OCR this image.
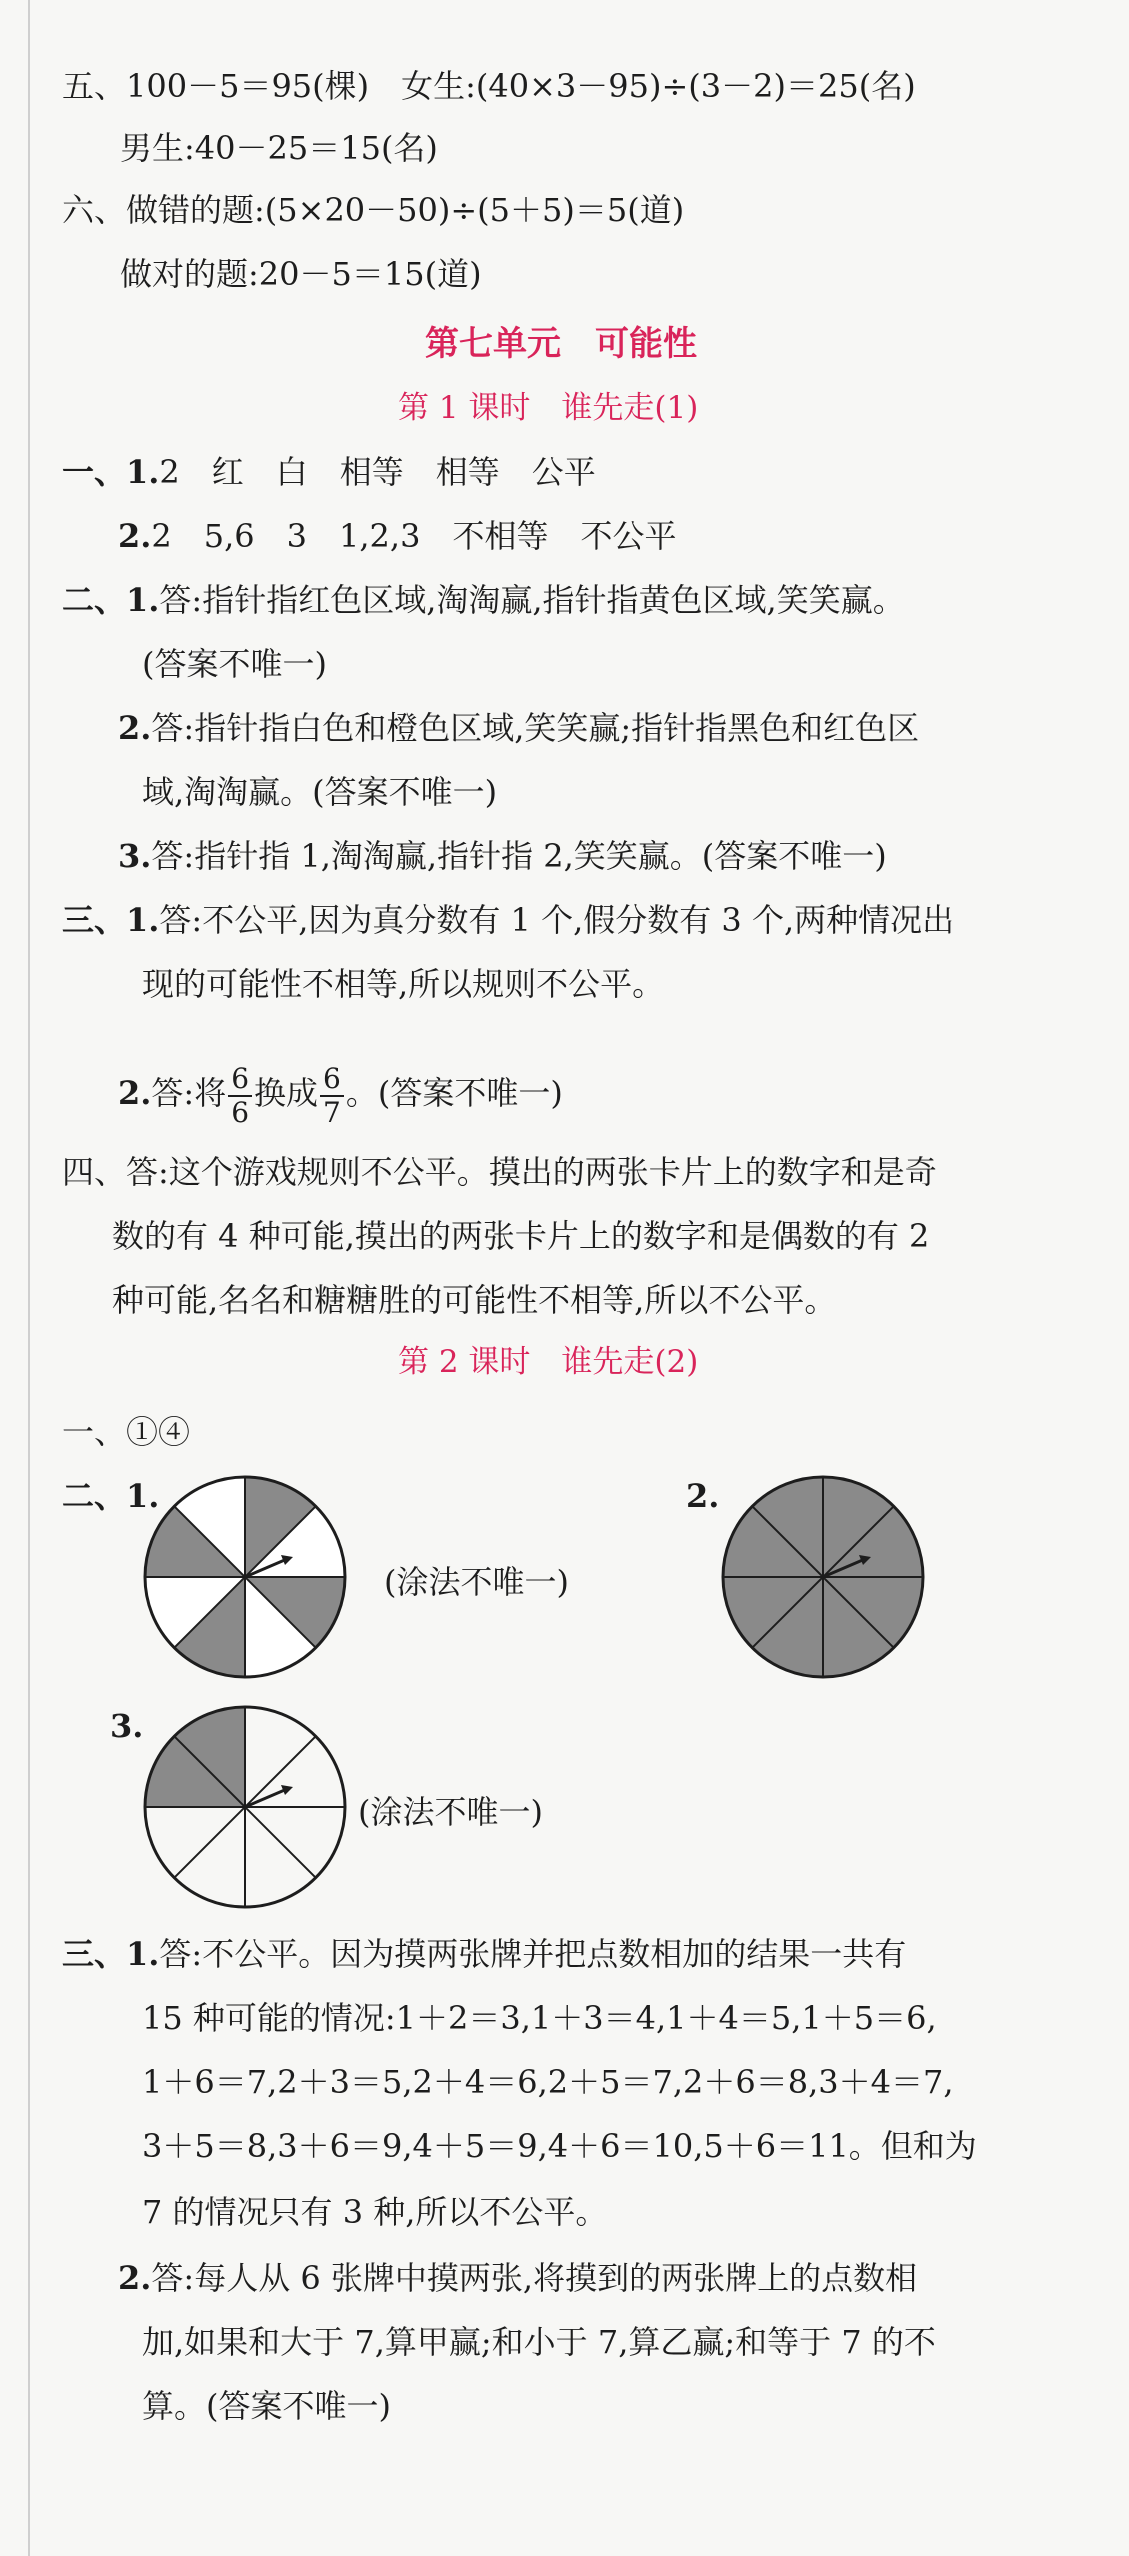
五、100－5＝95(棵)　女生:(40×3－95)÷(3－2)＝25(名)
男生:40－25＝15(名)
六、做错的题:(5×20－50)÷(5＋5)＝5(道)
做对的题:20－5＝15(道)
第七单元　可能性
第 1 课时　谁先走(1)
一、1.2　红　白　相等　相等　公平
2.2　5,6　3　1,2,3　不相等　不公平
二、1.答:指针指红色区域,淘淘赢,指针指黄色区域,笑笑赢。
(答案不唯一)
2.答:指针指白色和橙色区域,笑笑赢;指针指黑色和红色区
域,淘淘赢。(答案不唯一)
3.答:指针指 1,淘淘赢,指针指 2,笑笑赢。(答案不唯一)
三、1.答:不公平,因为真分数有 1 个,假分数有 3 个,两种情况出
现的可能性不相等,所以规则不公平。
2.答:将 $\frac{6}{6}$ 换成 $\frac{6}{7}$ 。(答案不唯一)
四、答:这个游戏规则不公平。摸出的两张卡片上的数字和是奇
数的有 4 种可能,摸出的两张卡片上的数字和是偶数的有 2
种可能,名名和糖糖胜的可能性不相等,所以不公平。
第 2 课时　谁先走(2)
一、①④
二、1.
(涂法不唯一)
2.
3.
(涂法不唯一)
三、1.答:不公平。因为摸两张牌并把点数相加的结果一共有
15 种可能的情况:1＋2＝3,1＋3＝4,1＋4＝5,1＋5＝6,
1＋6＝7,2＋3＝5,2＋4＝6,2＋5＝7,2＋6＝8,3＋4＝7,
3＋5＝8,3＋6＝9,4＋5＝9,4＋6＝10,5＋6＝11。但和为
7 的情况只有 3 种,所以不公平。
2.答:每人从 6 张牌中摸两张,将摸到的两张牌上的点数相
加,如果和大于 7,算甲赢;和小于 7,算乙赢;和等于 7 的不
算。(答案不唯一)
